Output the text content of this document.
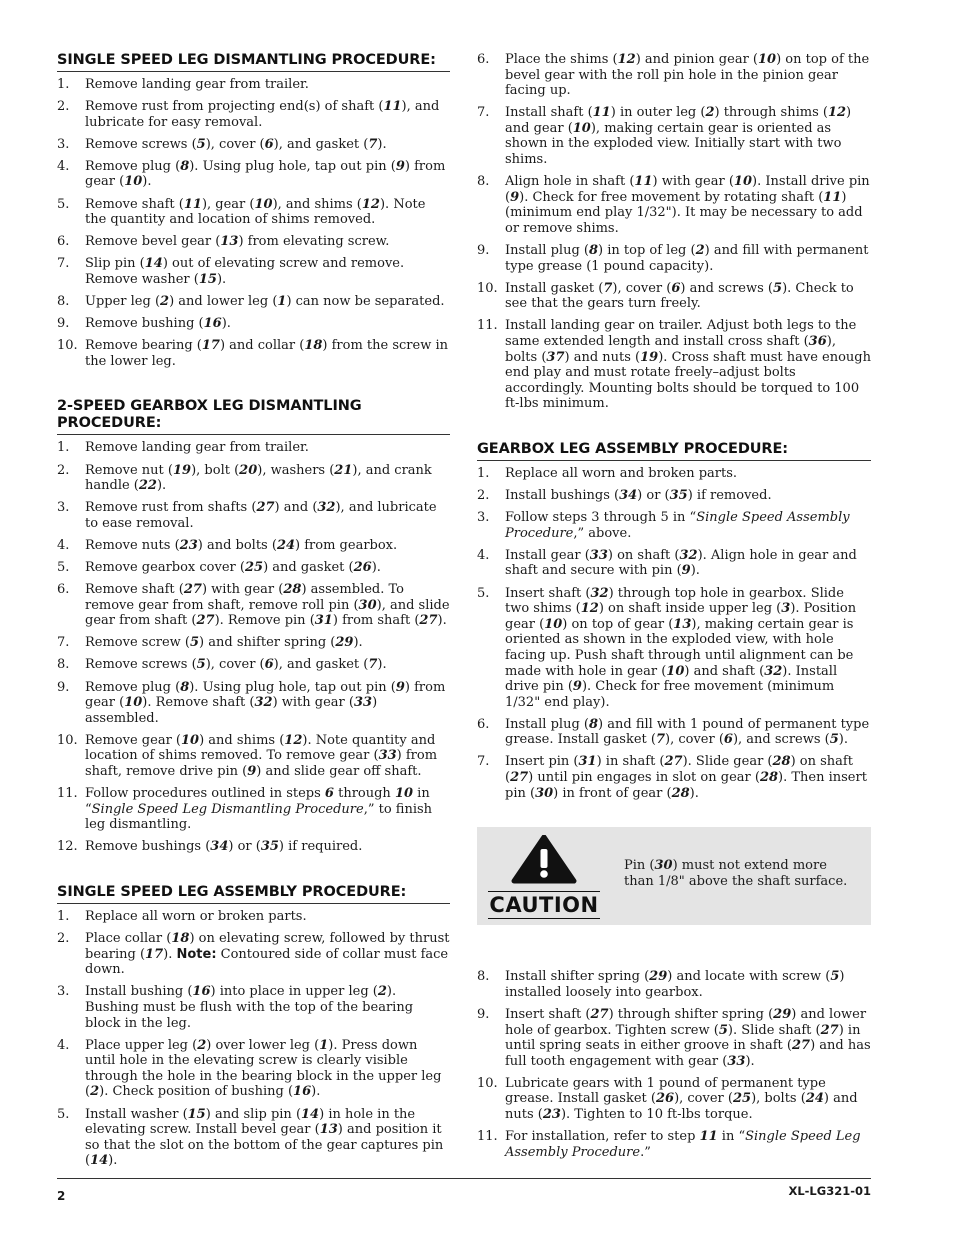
SINGLE SPEED LEG DISMANTLING PROCEDURE:
1. Remove landing gear from trailer.
2. Remove rust from projecting end(s) of shaft (11), and lubricate for easy removal.
3. Remove screws (5), cover (6), and gasket (7).
4. Remove plug (8). Using plug hole, tap out pin (9) from gear (10).
5. Remove shaft (11), gear (10), and shims (12). Note the quantity and location of shims removed.
6. Remove bevel gear (13) from elevating screw.
7. Slip pin (14) out of elevating screw and remove. Remove washer (15).
8. Upper leg (2) and lower leg (1) can now be separated.
9. Remove bushing (16).
10. Remove bearing (17) and collar (18) from the screw in the lower leg.
2-SPEED GEARBOX LEG DISMANTLING PROCEDURE:
1. Remove landing gear from trailer.
2. Remove nut (19), bolt (20), washers (21), and crank handle (22).
3. Remove rust from shafts (27) and (32), and lubricate to ease removal.
4. Remove nuts (23) and bolts (24) from gearbox.
5. Remove gearbox cover (25) and gasket (26).
6. Remove shaft (27) with gear (28) assembled. To remove gear from shaft, remove roll pin (30), and slide gear from shaft (27). Remove pin (31) from shaft (27).
7. Remove screw (5) and shifter spring (29).
8. Remove screws (5), cover (6), and gasket (7).
9. Remove plug (8). Using plug hole, tap out pin (9) from gear (10). Remove shaft (32) with gear (33) assembled.
10. Remove gear (10) and shims (12). Note quantity and location of shims removed. To remove gear (33) from shaft, remove drive pin (9) and slide gear off shaft.
11. Follow procedures outlined in steps 6 through 10 in “Single Speed Leg Dismantling Procedure,” to finish leg dismantling.
12. Remove bushings (34) or (35) if required.
SINGLE SPEED LEG ASSEMBLY PROCEDURE:
1. Replace all worn or broken parts.
2. Place collar (18) on elevating screw, followed by thrust bearing (17). Note: Contoured side of collar must face down.
3. Install bushing (16) into place in upper leg (2). Bushing must be flush with the top of the bearing block in the leg.
4. Place upper leg (2) over lower leg (1). Press down until hole in the elevating screw is clearly visible through the hole in the bearing block in the upper leg (2). Check position of bushing (16).
5. Install washer (15) and slip pin (14) in hole in the elevating screw. Install bevel gear (13) and position it so that the slot on the bottom of the gear captures pin (14).
6. Place the shims (12) and pinion gear (10) on top of the bevel gear with the roll pin hole in the pinion gear facing up.
7. Install shaft (11) in outer leg (2) through shims (12) and gear (10), making certain gear is oriented as shown in the exploded view. Initially start with two shims.
8. Align hole in shaft (11) with gear (10). Install drive pin (9). Check for free movement by rotating shaft (11) (minimum end play 1/32"). It may be necessary to add or remove shims.
9. Install plug (8) in top of leg (2) and fill with permanent type grease (1 pound capacity).
10. Install gasket (7), cover (6) and screws (5). Check to see that the gears turn freely.
11. Install landing gear on trailer. Adjust both legs to the same extended length and install cross shaft (36), bolts (37) and nuts (19). Cross shaft must have enough end play and must rotate freely–adjust bolts accordingly. Mounting bolts should be torqued to 100 ft-lbs minimum.
GEARBOX LEG ASSEMBLY PROCEDURE:
1. Replace all worn and broken parts.
2. Install bushings (34) or (35) if removed.
3. Follow steps 3 through 5 in “Single Speed Assembly Procedure,” above.
4. Install gear (33) on shaft (32). Align hole in gear and shaft and secure with pin (9).
5. Insert shaft (32) through top hole in gearbox. Slide two shims (12) on shaft inside upper leg (3). Position gear (10) on top of gear (13), making certain gear is oriented as shown in the exploded view, with hole facing up. Push shaft through until alignment can be made with hole in gear (10) and shaft (32). Install drive pin (9). Check for free movement (minimum 1/32" end play).
6. Install plug (8) and fill with 1 pound of permanent type grease. Install gasket (7), cover (6), and screws (5).
7. Insert pin (31) in shaft (27). Slide gear (28) on shaft (27) until pin engages in slot on gear (28). Then insert pin (30) in front of gear (28).
CAUTION
Pin (30) must not extend more than 1/8" above the shaft surface.
8. Install shifter spring (29) and locate with screw (5) installed loosely into gearbox.
9. Insert shaft (27) through shifter spring (29) and lower hole of gearbox. Tighten screw (5). Slide shaft (27) in until spring seats in either groove in shaft (27) and has full tooth engagement with gear (33).
10. Lubricate gears with 1 pound of permanent type grease. Install gasket (26), cover (25), bolts (24) and nuts (23). Tighten to 10 ft-lbs torque.
11. For installation, refer to step 11 in “Single Speed Leg Assembly Procedure.”
2	XL-LG321-01
